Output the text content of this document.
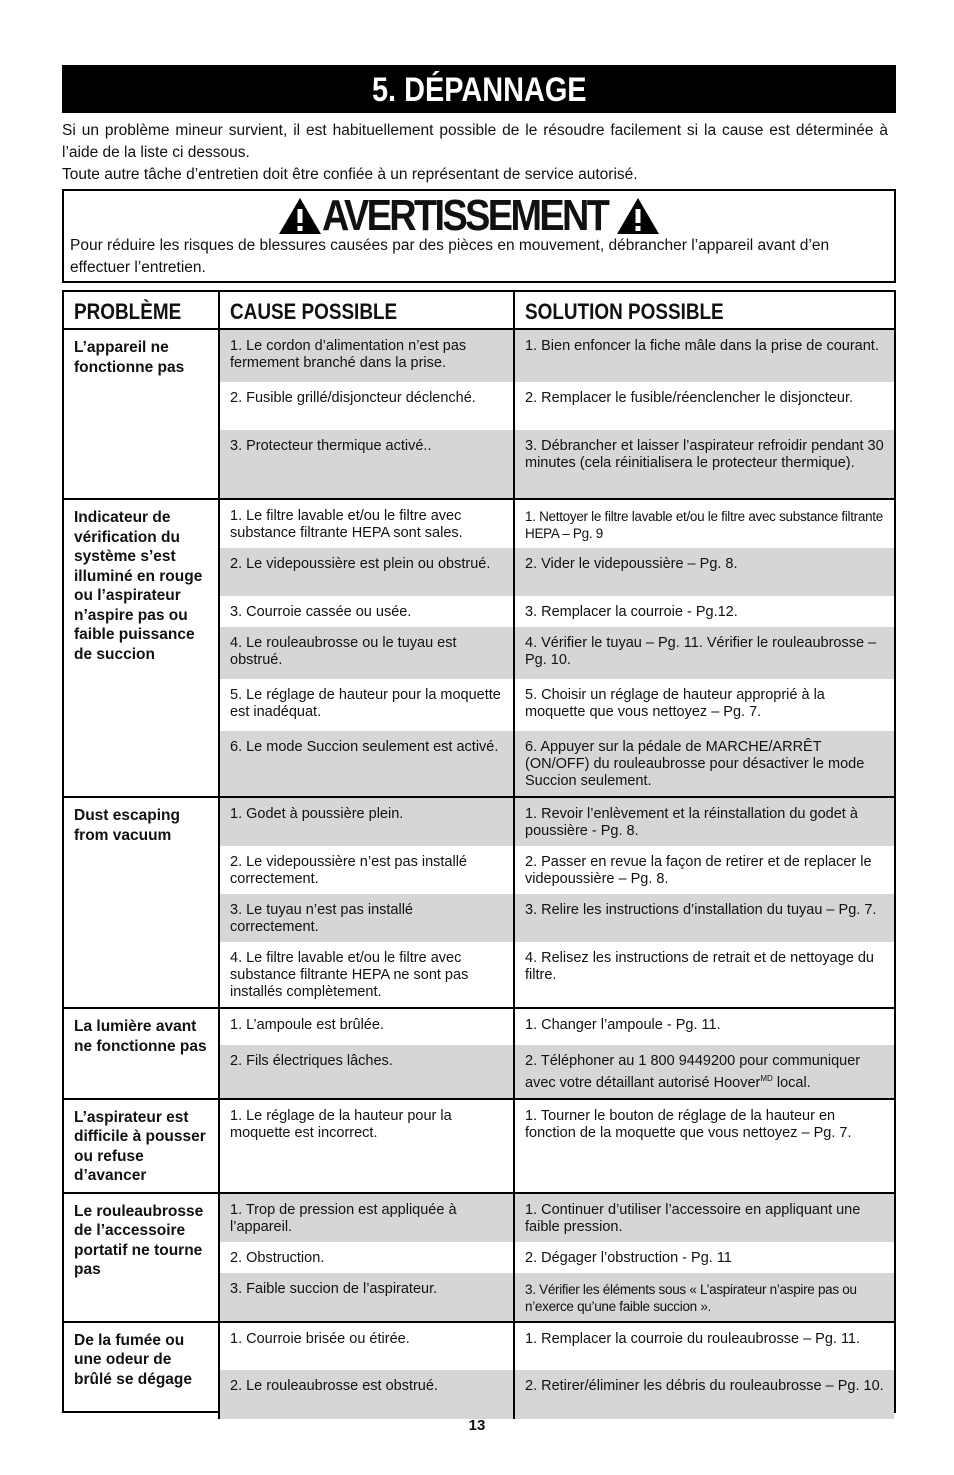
5. DÉPANNAGE

Si un problème mineur survient, il est habituellement possible de le résoudre facilement si la cause est déterminée à l’aide de la liste ci dessous.

Toute autre tâche d’entretien doit être confiée à un représentant de service autorisé.

AVERTISSEMENT
Pour réduire les risques de blessures causées par des pièces en mouvement, débrancher l’appareil avant d’en effectuer l’entretien.
PROBLÈME	CAUSE POSSIBLE	SOLUTION POSSIBLE
L’appareil ne fonctionne pas	1. Le cordon d’alimentation n’est pas fermement branché dans la prise.	1. Bien enfoncer la fiche mâle dans la prise de courant.
	2. Fusible grillé/disjoncteur déclenché.	2. Remplacer le fusible/réenclencher le disjoncteur.
	3. Protecteur thermique activé..	3. Débrancher et laisser l’aspirateur refroidir pendant 30 minutes (cela réinitialisera le protecteur thermique).
Indicateur de vérification du système s’est illuminé en rouge ou l’aspirateur n’aspire pas ou faible puissance de succion	1. Le filtre lavable et/ou le filtre avec substance filtrante HEPA sont sales.	1. Nettoyer le filtre lavable et/ou le filtre avec substance filtrante HEPA – Pg. 9
	2. Le videpoussière est plein ou obstrué.	2. Vider le videpoussière – Pg. 8.
	3. Courroie cassée ou usée.	3. Remplacer la courroie - Pg.12.
	4. Le rouleaubrosse ou le tuyau est obstrué.	4. Vérifier le tuyau – Pg. 11. Vérifier le rouleaubrosse – Pg. 10.
	5. Le réglage de hauteur pour la moquette est inadéquat.	5. Choisir un réglage de hauteur approprié à la moquette que vous nettoyez – Pg. 7.
	6. Le mode Succion seulement est activé.	6. Appuyer sur la pédale de MARCHE/ARRÊT (ON/OFF) du rouleaubrosse pour désactiver le mode Succion seulement.
Dust escaping from vacuum	1. Godet à poussière plein.	1. Revoir l’enlèvement et la réinstallation du godet à poussière - Pg. 8.
	2. Le videpoussière n’est pas installé correctement.	2. Passer en revue la façon de retirer et de replacer le videpoussière – Pg. 8.
	3. Le tuyau n’est pas installé correctement.	3. Relire les instructions d’installation du tuyau – Pg. 7.
	4. Le filtre lavable et/ou le filtre avec substance filtrante HEPA ne sont pas installés complètement.	4. Relisez les instructions de retrait et de nettoyage du filtre.
La lumière avant ne fonctionne pas	1. L’ampoule est brûlée.	1. Changer l’ampoule - Pg. 11.
	2. Fils électriques lâches.	2. Téléphoner au 1 800 9449200 pour communiquer avec votre détaillant autorisé Hoover$^{MD}$ local.
L’aspirateur est difficile à pousser ou refuse d’avancer	1. Le réglage de la hauteur pour la moquette est incorrect.	1. Tourner le bouton de réglage de la hauteur en fonction de la moquette que vous nettoyez – Pg. 7.
Le rouleaubrosse de l’accessoire portatif ne tourne pas	1. Trop de pression est appliquée à l’appareil.	1. Continuer d’utiliser l’accessoire en appliquant une faible pression.
	2. Obstruction.	2. Dégager l’obstruction - Pg. 11
	3. Faible succion de l’aspirateur.	3. Vérifier les éléments sous « L’aspirateur n’aspire pas ou n’exerce qu’une faible succion ».
De la fumée ou une odeur de brûlé se dégage	1. Courroie brisée ou étirée.	1. Remplacer la courroie du rouleaubrosse – Pg. 11.
	2. Le rouleaubrosse est obstrué.	2. Retirer/éliminer les débris du rouleaubrosse – Pg. 10.
13
